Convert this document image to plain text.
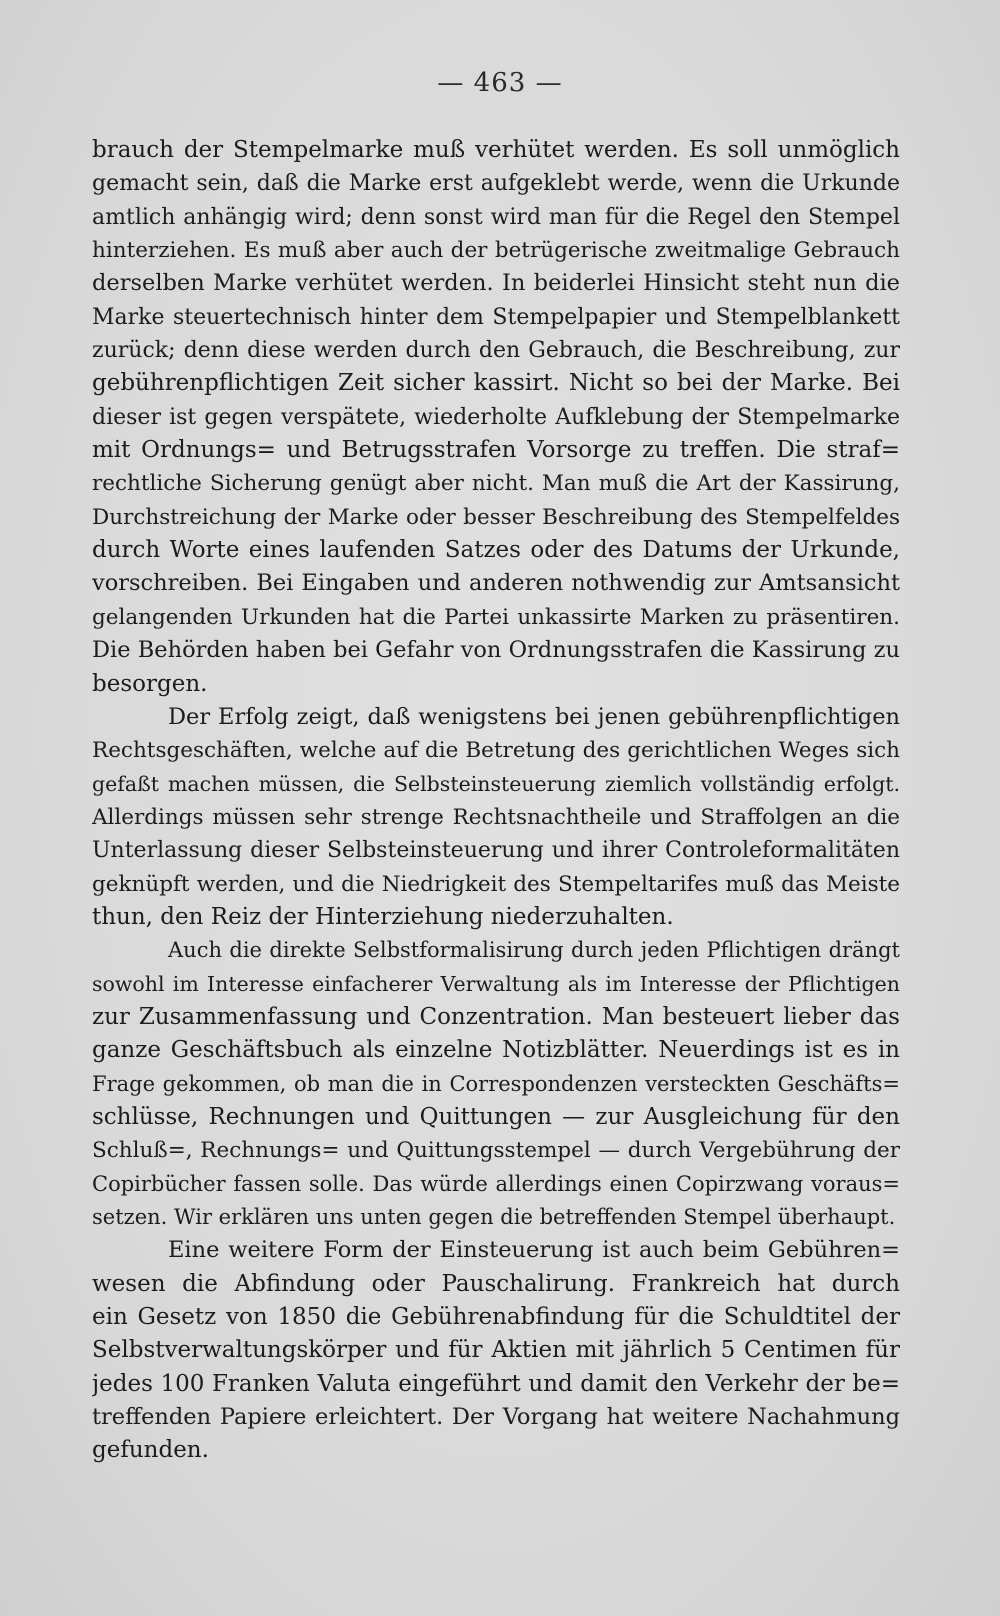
— 463 —
brauch der Stempelmarke muß verhütet werden. Es soll unmöglich
gemacht sein, daß die Marke erst aufgeklebt werde, wenn die Urkunde
amtlich anhängig wird; denn sonst wird man für die Regel den Stempel
hinterziehen. Es muß aber auch der betrügerische zweitmalige Gebrauch
derselben Marke verhütet werden. In beiderlei Hinsicht steht nun die
Marke steuertechnisch hinter dem Stempelpapier und Stempelblankett
zurück; denn diese werden durch den Gebrauch, die Beschreibung, zur
gebührenpflichtigen Zeit sicher kassirt. Nicht so bei der Marke. Bei
dieser ist gegen verspätete, wiederholte Aufklebung der Stempelmarke
mit Ordnungs= und Betrugsstrafen Vorsorge zu treffen. Die straf=
rechtliche Sicherung genügt aber nicht. Man muß die Art der Kassirung,
Durchstreichung der Marke oder besser Beschreibung des Stempelfeldes
durch Worte eines laufenden Satzes oder des Datums der Urkunde,
vorschreiben. Bei Eingaben und anderen nothwendig zur Amtsansicht
gelangenden Urkunden hat die Partei unkassirte Marken zu präsentiren.
Die Behörden haben bei Gefahr von Ordnungsstrafen die Kassirung zu
besorgen.
Der Erfolg zeigt, daß wenigstens bei jenen gebührenpflichtigen
Rechtsgeschäften, welche auf die Betretung des gerichtlichen Weges sich
gefaßt machen müssen, die Selbsteinsteuerung ziemlich vollständig erfolgt.
Allerdings müssen sehr strenge Rechtsnachtheile und Straffolgen an die
Unterlassung dieser Selbsteinsteuerung und ihrer Controleformalitäten
geknüpft werden, und die Niedrigkeit des Stempeltarifes muß das Meiste
thun, den Reiz der Hinterziehung niederzuhalten.
Auch die direkte Selbstformalisirung durch jeden Pflichtigen drängt
sowohl im Interesse einfacherer Verwaltung als im Interesse der Pflichtigen
zur Zusammenfassung und Conzentration. Man besteuert lieber das
ganze Geschäftsbuch als einzelne Notizblätter. Neuerdings ist es in
Frage gekommen, ob man die in Correspondenzen versteckten Geschäfts=
schlüsse, Rechnungen und Quittungen — zur Ausgleichung für den
Schluß=, Rechnungs= und Quittungsstempel — durch Vergebührung der
Copirbücher fassen solle. Das würde allerdings einen Copirzwang voraus=
setzen. Wir erklären uns unten gegen die betreffenden Stempel überhaupt.
Eine weitere Form der Einsteuerung ist auch beim Gebühren=
wesen die Abfindung oder Pauschalirung. Frankreich hat durch
ein Gesetz von 1850 die Gebührenabfindung für die Schuldtitel der
Selbstverwaltungskörper und für Aktien mit jährlich 5 Centimen für
jedes 100 Franken Valuta eingeführt und damit den Verkehr der be=
treffenden Papiere erleichtert. Der Vorgang hat weitere Nachahmung
gefunden.
